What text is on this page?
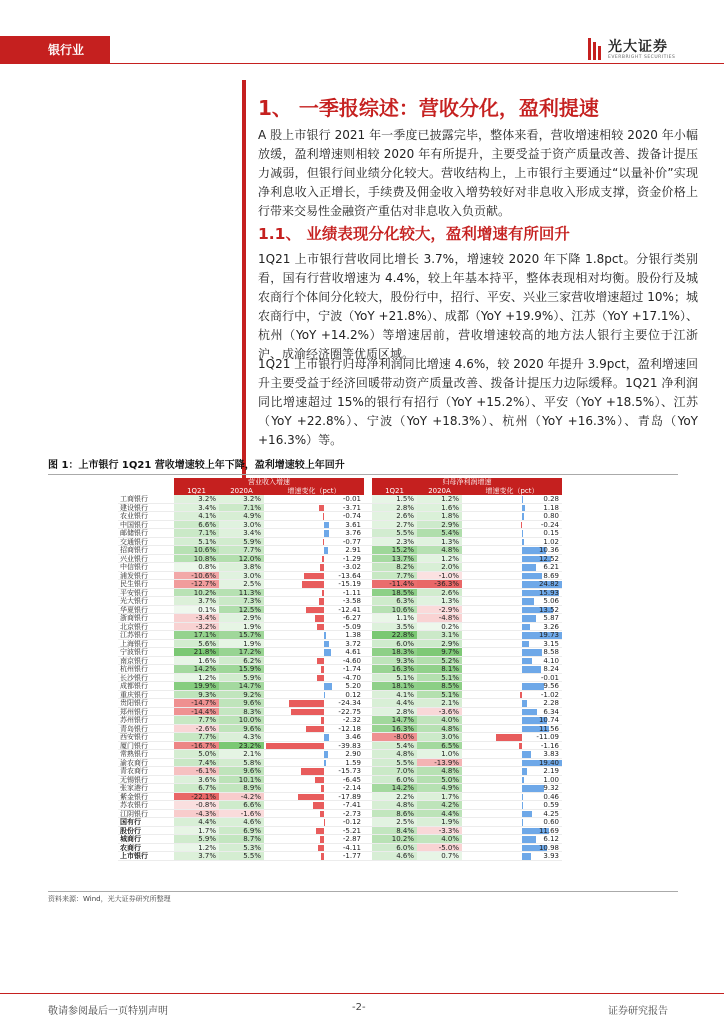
银行业	光大证券
EVERBRIGHT SECURITIES
1、 一季报综述：营收分化，盈利提速
A 股上市银行 2021 年一季度已披露完毕，整体来看，营收增速相较 2020 年小幅放缓，盈利增速则相较 2020 年有所提升，主要受益于资产质量改善、拨备计提压力减弱，但银行间业绩分化较大。营收结构上，上市银行主要通过“以量补价”实现净利息收入正增长，手续费及佣金收入增势较好对非息收入形成支撑，资金价格上行带来交易性金融资产重估对非息收入负贡献。
1.1、 业绩表现分化较大，盈利增速有所回升
1Q21 上市银行营收同比增长 3.7%，增速较 2020 年下降 1.8pct。分银行类别看，国有行营收增速为 4.4%，较上年基本持平，整体表现相对均衡。股份行及城农商行个体间分化较大，股份行中，招行、平安、兴业三家营收增速超过 10%；城农商行中，宁波（YoY +21.8%）、成都（YoY +19.9%）、江苏（YoY +17.1%）、杭州（YoY +14.2%）等增速居前，营收增速较高的地方法人银行主要位于江浙沪、成渝经济圈等优质区域。
1Q21 上市银行归母净利润同比增速 4.6%，较 2020 年提升 3.9pct，盈利增速回升主要受益于经济回暖带动资产质量改善、拨备计提压力边际缓释。1Q21 净利润同比增速超过 15%的银行有招行（YoY +15.2%）、平安（YoY +18.5%）、江苏（YoY +22.8%）、宁波（YoY +18.3%）、杭州（YoY +16.3%）、青岛（YoY +16.3%）等。
图 1：上市银行 1Q21 营收增速较上年下降，盈利增速较上年回升
营业收入增速	归母净利润增速
1Q21	2020A	增速变化（pct）	1Q21	2020A	增速变化（pct）
工商银行	3.2%	3.2%	-0.01	1.5%	1.2%	0.28
建设银行	3.4%	7.1%	-3.71	2.8%	1.6%	1.18
农业银行	4.1%	4.9%	-0.74	2.6%	1.8%	0.80
中国银行	6.6%	3.0%	3.61	2.7%	2.9%	-0.24
邮储银行	7.1%	3.4%	3.76	5.5%	5.4%	0.15
交通银行	5.1%	5.9%	-0.77	2.3%	1.3%	1.02
招商银行	10.6%	7.7%	2.91	15.2%	4.8%	10.36
兴业银行	10.8%	12.0%	-1.29	13.7%	1.2%	12.52
中信银行	0.8%	3.8%	-3.02	8.2%	2.0%	6.21
浦发银行	-10.6%	3.0%	-13.64	7.7%	-1.0%	8.69
民生银行	-12.7%	2.5%	-15.19	-11.4%	-36.3%	24.82
平安银行	10.2%	11.3%	-1.11	18.5%	2.6%	15.93
光大银行	3.7%	7.3%	-3.58	6.3%	1.3%	5.06
华夏银行	0.1%	12.5%	-12.41	10.6%	-2.9%	13.52
浙商银行	-3.4%	2.9%	-6.27	1.1%	-4.8%	5.87
北京银行	-3.2%	1.9%	-5.09	3.5%	0.2%	3.26
江苏银行	17.1%	15.7%	1.38	22.8%	3.1%	19.73
上海银行	5.6%	1.9%	3.72	6.0%	2.9%	3.15
宁波银行	21.8%	17.2%	4.61	18.3%	9.7%	8.58
南京银行	1.6%	6.2%	-4.60	9.3%	5.2%	4.10
杭州银行	14.2%	15.9%	-1.74	16.3%	8.1%	8.24
长沙银行	1.2%	5.9%	-4.70	5.1%	5.1%	-0.01
成都银行	19.9%	14.7%	5.20	18.1%	8.5%	9.56
重庆银行	9.3%	9.2%	0.12	4.1%	5.1%	-1.02
贵阳银行	-14.7%	9.6%	-24.34	4.4%	2.1%	2.28
郑州银行	-14.4%	8.3%	-22.75	2.8%	-3.6%	6.34
苏州银行	7.7%	10.0%	-2.32	14.7%	4.0%	10.74
青岛银行	-2.6%	9.6%	-12.18	16.3%	4.8%	11.56
西安银行	7.7%	4.3%	3.46	-8.0%	3.0%	-11.09
厦门银行	-16.7%	23.2%	-39.83	5.4%	6.5%	-1.16
常熟银行	5.0%	2.1%	2.90	4.8%	1.0%	3.83
渝农商行	7.4%	5.8%	1.59	5.5%	-13.9%	19.40
青农商行	-6.1%	9.6%	-15.73	7.0%	4.8%	2.19
无锡银行	3.6%	10.1%	-6.45	6.0%	5.0%	1.00
张家港行	6.7%	8.9%	-2.14	14.2%	4.9%	9.32
紫金银行	-22.1%	-4.2%	-17.89	2.2%	1.7%	0.46
苏农银行	-0.8%	6.6%	-7.41	4.8%	4.2%	0.59
江阴银行	-4.3%	-1.6%	-2.73	8.6%	4.4%	4.25
国有行	4.4%	4.6%	-0.12	2.5%	1.9%	0.60
股份行	1.7%	6.9%	-5.21	8.4%	-3.3%	11.69
城商行	5.9%	8.7%	-2.87	10.2%	4.0%	6.12
农商行	1.2%	5.3%	-4.11	6.0%	-5.0%	10.98
上市银行	3.7%	5.5%	-1.77	4.6%	0.7%	3.93
资料来源：Wind，光大证券研究所整理
敬请参阅最后一页特别声明	-2-	证券研究报告
